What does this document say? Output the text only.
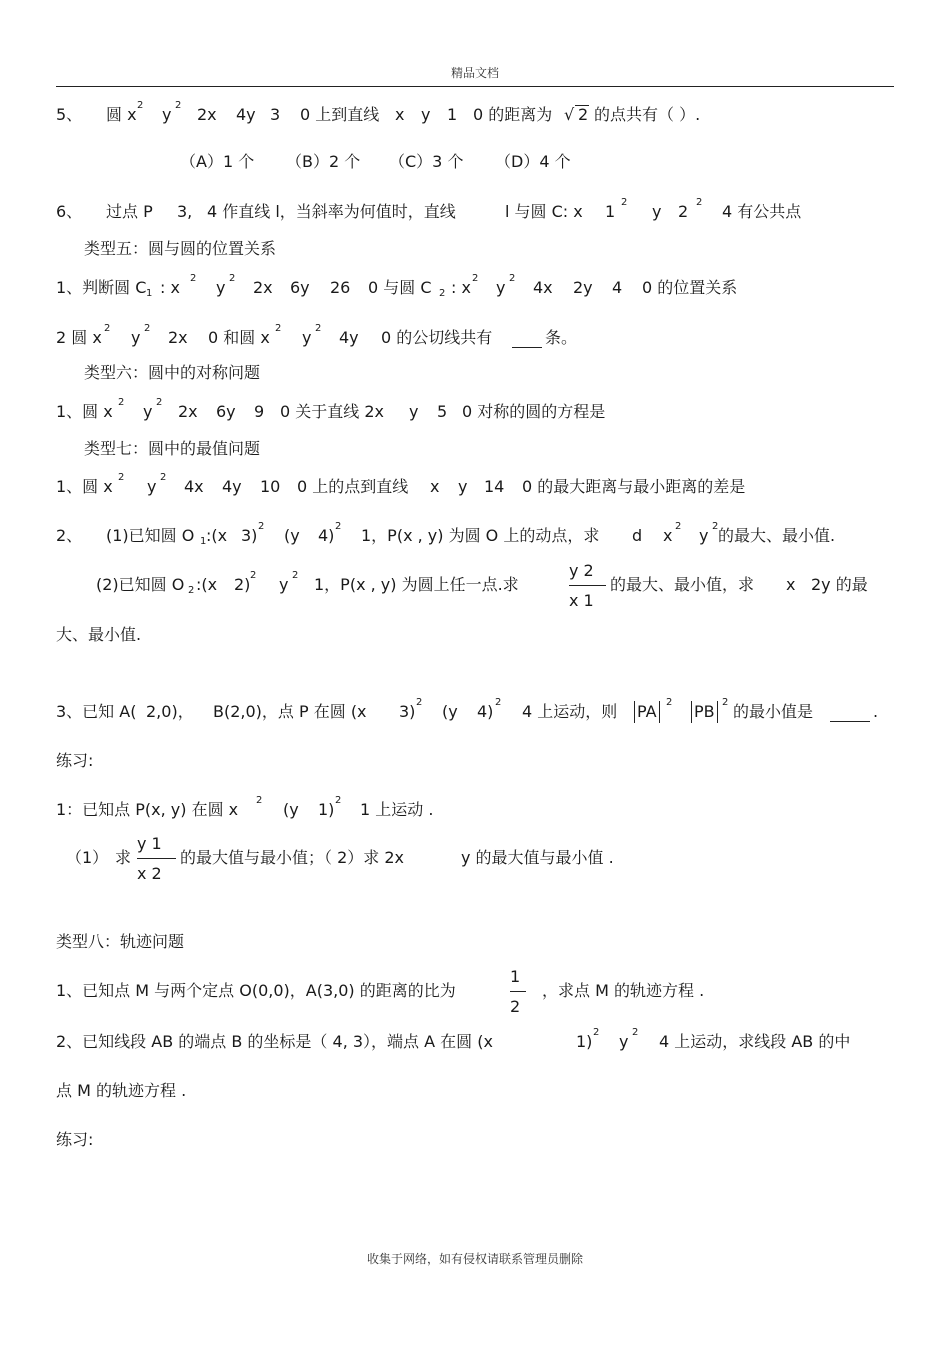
精品文档
5、 圆 x 2 y 2 2x 4y 3 0 上到直线 x y 1 0 的距离为 √ 2 的点共有（ ）.
（A）1 个 （B）2 个 （C）3 个 （D）4 个
6、 过点 P 3, 4 作直线 l，当斜率为何值时，直线	l 与圆 C: x 1 2 y 2 2 4 有公共点
类型五：圆与圆的位置关系
1、判断圆 C 1 : x 2 y 2 2x 6y 26 0 与圆 C 2 : x 2 y 2 4x 2y 4 0 的位置关系
2 圆 x 2 y 2 2x 0 和圆 x 2 y 2 4y 0 的公切线共有	条。
类型六：圆中的对称问题
1、圆 x 2 y 2 2x 6y 9 0 关于直线 2x y 5 0 对称的圆的方程是
类型七：圆中的最值问题
1、圆 x 2 y 2 4x 4y 10 0 上的点到直线 x y 14 0 的最大距离与最小距离的差是
2、 (1)已知圆 O 1 :(x 3) 2 (y 4) 2 1，P(x , y) 为圆 O 上的动点，求 d x 2 y 2 的最大、最小值.
(2)已知圆 O 2 :(x 2) 2 y 2 1，P(x , y) 为圆上任一点.求	的最大、最小值，求 x 2y 的最
y 2
x 1
大、最小值.
3、已知 A( 2,0)， B(2,0)，点 P 在圆 (x 3) 2 (y 4) 2 4 上运动，则 PA 2 PB 2 的最小值是	.
练习:
1：已知点 P(x, y) 在圆 x 2 (y 1) 2 1 上运动 .
（1） 求	的最大值与最小值；（ 2）求 2x	y 的最大值与最小值 .
y 1
x 2
类型八：轨迹问题
1、已知点 M 与两个定点 O(0,0)，A(3,0) 的距离的比为	，求点 M 的轨迹方程 .
1
2
2、已知线段 AB 的端点 B 的坐标是（ 4, 3），端点 A 在圆 (x	1) 2 y 2 4 上运动，求线段 AB 的中
点 M 的轨迹方程 .
练习:
收集于网络，如有侵权请联系管理员删除
